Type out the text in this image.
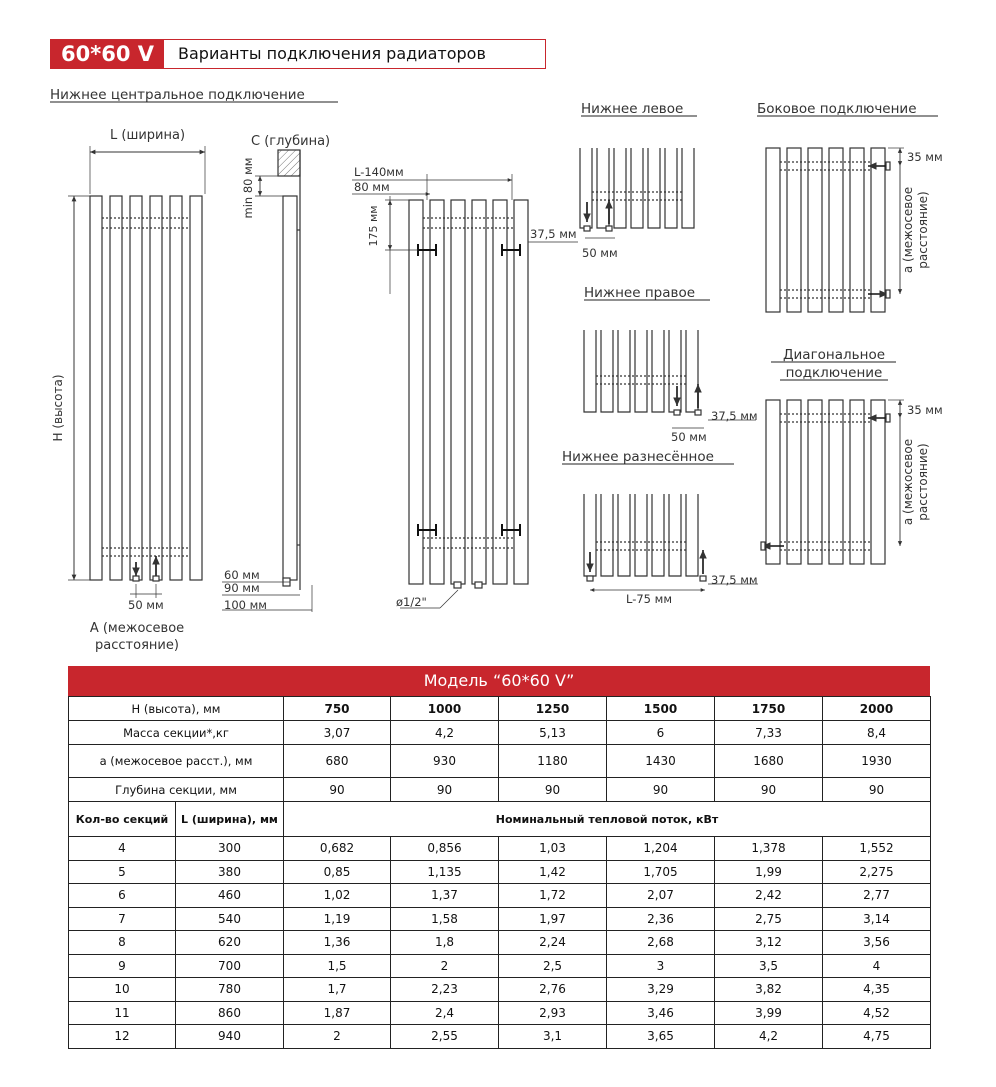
60*60 V	Варианты подключения радиаторов
Нижнее центральное подключение
L (ширина)
H (высота)
50 мм
A (межосевое
расстояние)
C (глубина)
min 80 мм
60 мм
90 мм
100 мм
L-140мм
80 мм
175 мм	37,5 мм
ø1/2"
Нижнее левое
50 мм
Боковое подключение
35 мм
a (межосевое расстояние)
Нижнее правое
37,5 мм
50 мм
Диагональное
подключение
35 мм
a (межосевое расстояние)
Нижнее разнесённое
37,5 мм
L-75 мм
Модель “60*60 V”
H (высота), мм		750	1000	1250	1500	1750	2000
Масса секции*,кг		3,07	4,2	5,13	6	7,33	8,4
a (межосевое расст.), мм		680	930	1180	1430	1680	1930
Глубина секции, мм		90	90	90	90	90	90
Кол-во секций	L (ширина), мм	Номинальный тепловой поток, кВт					
4	300	0,682	0,856	1,03	1,204	1,378	1,552
5	380	0,85	1,135	1,42	1,705	1,99	2,275
6	460	1,02	1,37	1,72	2,07	2,42	2,77
7	540	1,19	1,58	1,97	2,36	2,75	3,14
8	620	1,36	1,8	2,24	2,68	3,12	3,56
9	700	1,5	2	2,5	3	3,5	4
10	780	1,7	2,23	2,76	3,29	3,82	4,35
11	860	1,87	2,4	2,93	3,46	3,99	4,52
12	940	2	2,55	3,1	3,65	4,2	4,75
